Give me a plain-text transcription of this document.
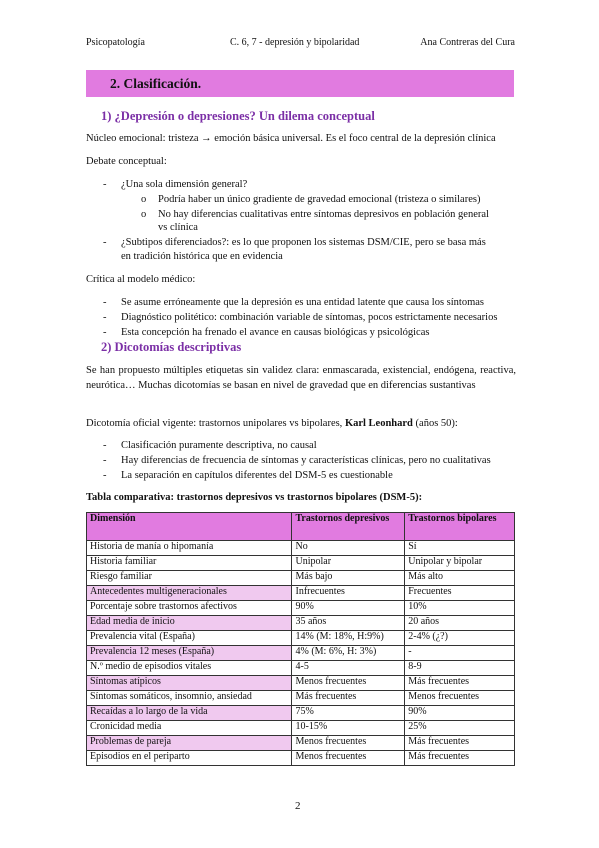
Psicopatología	C. 6, 7 - depresión y bipolaridad	Ana Contreras del Cura
2. Clasificación.
1) ¿Depresión o depresiones? Un dilema conceptual
Núcleo emocional: tristeza → emoción básica universal. Es el foco central de la depresión clínica
Debate conceptual:
- ¿Una sola dimensión general?
o Podría haber un único gradiente de gravedad emocional (tristeza o similares)
o No hay diferencias cualitativas entre síntomas depresivos en población general
vs clínica
- ¿Subtipos diferenciados?: es lo que proponen los sistemas DSM/CIE, pero se basa más
en tradición histórica que en evidencia
Crítica al modelo médico:
- Se asume erróneamente que la depresión es una entidad latente que causa los síntomas
- Diagnóstico politético: combinación variable de síntomas, pocos estrictamente necesarios
- Esta concepción ha frenado el avance en causas biológicas y psicológicas
2) Dicotomías descriptivas
Se han propuesto múltiples etiquetas sin validez clara: enmascarada, existencial, endógena, reactiva, neurótica… Muchas dicotomías se basan en nivel de gravedad que en diferencias sustantivas
Dicotomía oficial vigente: trastornos unipolares vs bipolares, Karl Leonhard (años 50):
- Clasificación puramente descriptiva, no causal
- Hay diferencias de frecuencia de síntomas y características clínicas, pero no cualitativas
- La separación en capítulos diferentes del DSM-5 es cuestionable
Tabla comparativa: trastornos depresivos vs trastornos bipolares (DSM-5):
Dimensión	Trastornos depresivos	Trastornos bipolares
Historia de manía o hipomanía	No	Sí
Historia familiar	Unipolar	Unipolar y bipolar
Riesgo familiar	Más bajo	Más alto
Antecedentes multigeneracionales	Infrecuentes	Frecuentes
Porcentaje sobre trastornos afectivos	90%	10%
Edad media de inicio	35 años	20 años
Prevalencia vital (España)	14% (M: 18%, H:9%)	2-4% (¿?)
Prevalencia 12 meses (España)	4% (M: 6%, H: 3%)	-
N.º medio de episodios vitales	4-5	8-9
Síntomas atípicos	Menos frecuentes	Más frecuentes
Síntomas somáticos, insomnio, ansiedad	Más frecuentes	Menos frecuentes
Recaídas a lo largo de la vida	75%	90%
Cronicidad media	10-15%	25%
Problemas de pareja	Menos frecuentes	Más frecuentes
Episodios en el periparto	Menos frecuentes	Más frecuentes
2
